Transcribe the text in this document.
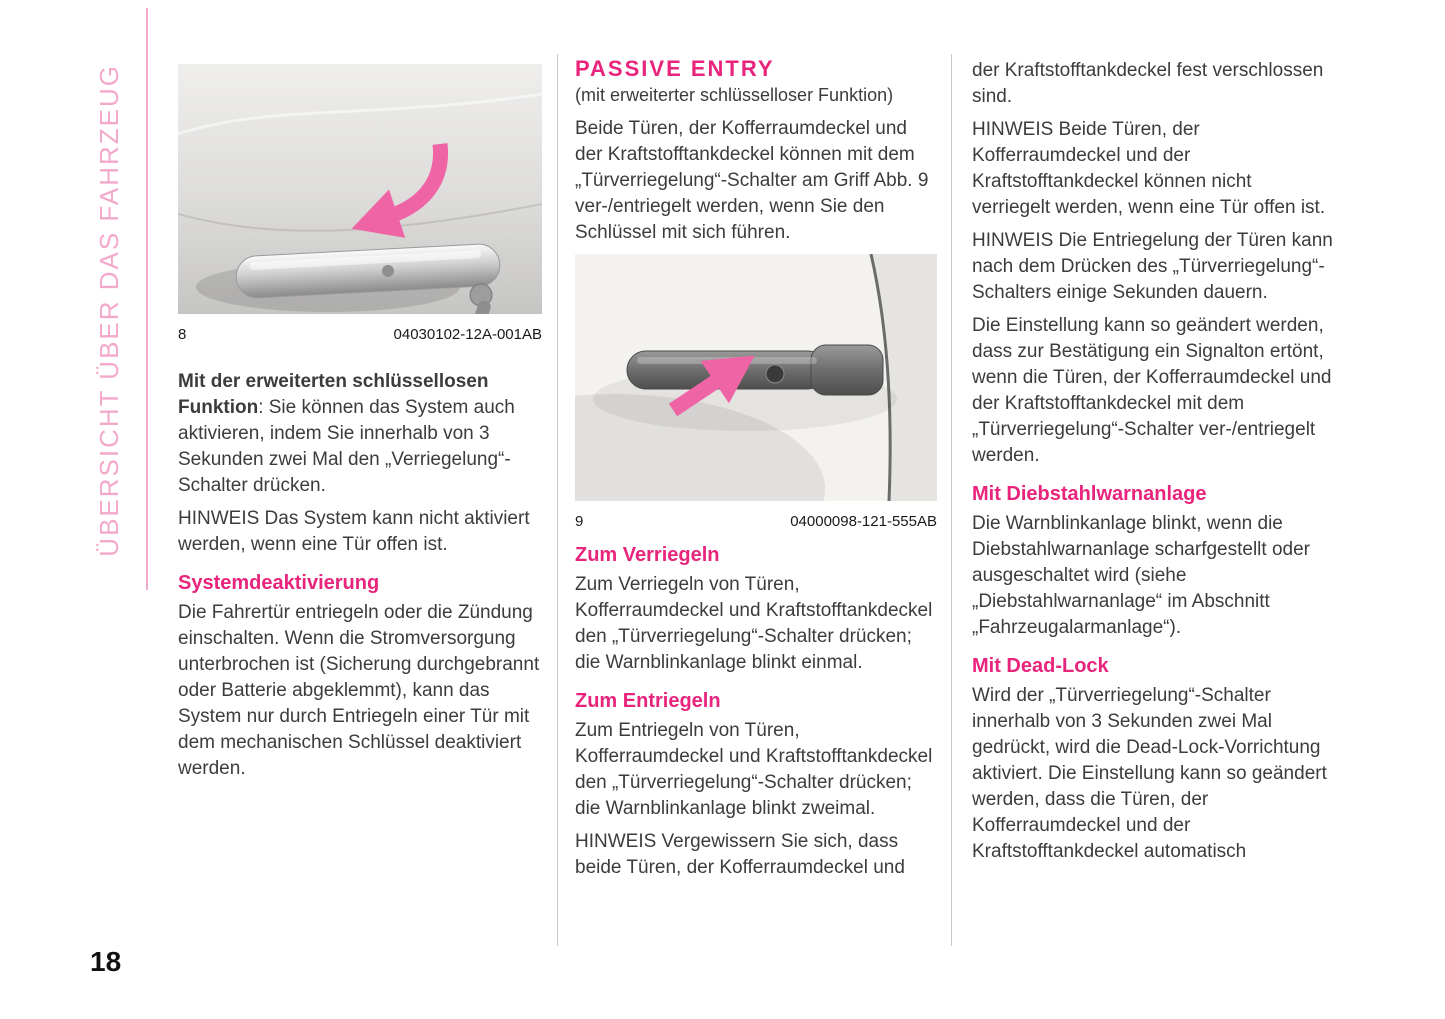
ÜBERSICHT ÜBER DAS FAHRZEUG	8	04030102-12A-001AB

Mit der erweiterten schlüssellosen Funktion: Sie können das System auch aktivieren, indem Sie innerhalb von 3 Sekunden zwei Mal den „Verriegelung“-Schalter drücken.

HINWEIS Das System kann nicht aktiviert werden, wenn eine Tür offen ist.

Systemdeaktivierung

Die Fahrertür entriegeln oder die Zündung einschalten. Wenn die Stromversorgung unterbrochen ist (Sicherung durchgebrannt oder Batterie abgeklemmt), kann das System nur durch Entriegeln einer Tür mit dem mechanischen Schlüssel deaktiviert werden.

PASSIVE ENTRY

(mit erweiterter schlüsselloser Funktion)

Beide Türen, der Kofferraumdeckel und der Kraftstofftankdeckel können mit dem „Türverriegelung“-Schalter am Griff Abb. 9 ver-/entriegelt werden, wenn Sie den Schlüssel mit sich führen.

9	04000098-121-555AB
Zum Verriegeln

Zum Verriegeln von Türen, Kofferraumdeckel und Kraftstofftankdeckel den „Türverriegelung“-Schalter drücken; die Warnblinkanlage blinkt einmal.

Zum Entriegeln

Zum Entriegeln von Türen, Kofferraumdeckel und Kraftstofftankdeckel den „Türverriegelung“-Schalter drücken; die Warnblinkanlage blinkt zweimal.

HINWEIS Vergewissern Sie sich, dass beide Türen, der Kofferraumdeckel und

der Kraftstofftankdeckel fest verschlossen sind.

HINWEIS Beide Türen, der Kofferraumdeckel und der Kraftstofftankdeckel können nicht verriegelt werden, wenn eine Tür offen ist.

HINWEIS Die Entriegelung der Türen kann nach dem Drücken des „Türverriegelung“-Schalters einige Sekunden dauern.

Die Einstellung kann so geändert werden, dass zur Bestätigung ein Signalton ertönt, wenn die Türen, der Kofferraumdeckel und der Kraftstofftankdeckel mit dem „Türverriegelung“-Schalter ver-/entriegelt werden.

Mit Diebstahlwarnanlage

Die Warnblinkanlage blinkt, wenn die Diebstahlwarnanlage scharfgestellt oder ausgeschaltet wird (siehe „Diebstahlwarnanlage“ im Abschnitt „Fahrzeugalarmanlage“).

Mit Dead-Lock

Wird der „Türverriegelung“-Schalter innerhalb von 3 Sekunden zwei Mal gedrückt, wird die Dead-Lock-Vorrichtung aktiviert. Die Einstellung kann so geändert werden, dass die Türen, der Kofferraumdeckel und der Kraftstofftankdeckel automatisch

18
